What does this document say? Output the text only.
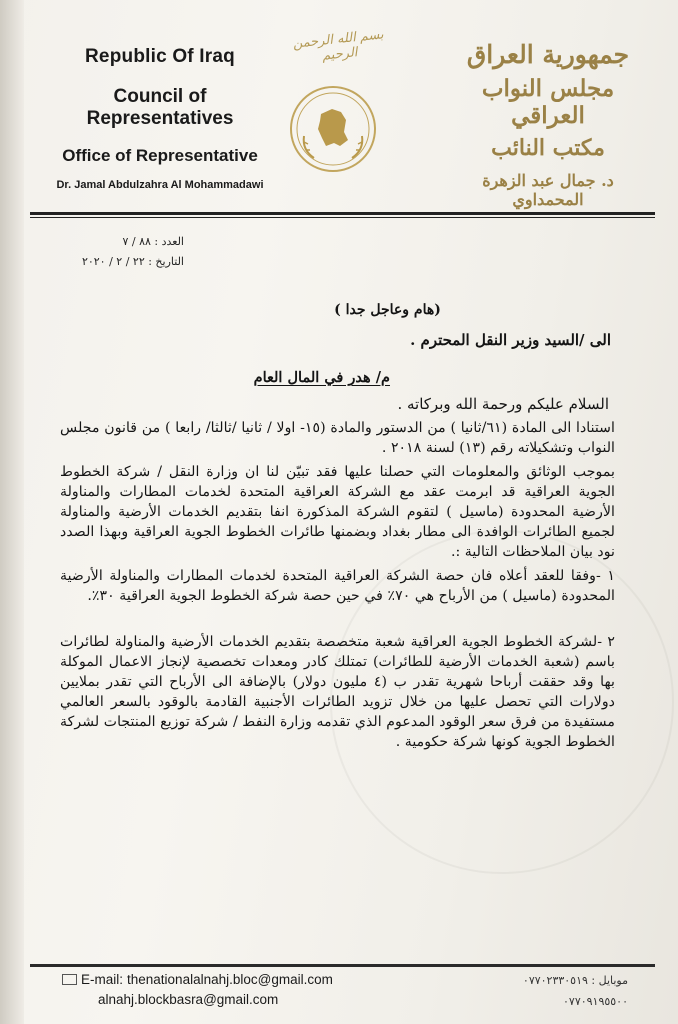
Republic Of Iraq
Council of Representatives
Office of Representative
Dr. Jamal Abdulzahra Al Mohammadawi
بسم الله الرحمن الرحيم	جمهورية العراق
مجلس النواب العراقي
مكتب النائب
د. جمال عبد الزهرة المحمداوي
العدد : ٨٨ / ٧
التاريخ : ٢٢ / ٢ / ٢٠٢٠
(هام وعاجل جدا )
الى /السيد وزير النقل المحترم .
م/ هدر في المال العام
السلام عليكم ورحمة الله وبركاته .
استنادا الى المادة (٦١/ثانيا ) من الدستور والمادة (١٥- اولا / ثانيا /ثالثا/ رابعا ) من قانون مجلس النواب وتشكيلاته رقم (١٣) لسنة ٢٠١٨ .
بموجب الوثائق والمعلومات التي حصلنا عليها فقد تبيّن لنا ان وزارة النقل / شركة الخطوط الجوية العراقية قد ابرمت عقد مع الشركة العراقية المتحدة لخدمات المطارات والمناولة الأرضية المحدودة (ماسيل ) لتقوم الشركة المذكورة انفا بتقديم الخدمات الأرضية والمناولة لجميع الطائرات الوافدة الى مطار بغداد وبضمنها طائرات الخطوط الجوية العراقية وبهذا الصدد نود بيان الملاحظات التالية :.
١ -وفقا للعقد أعلاه فان حصة الشركة العراقية المتحدة لخدمات المطارات والمناولة الأرضية المحدودة (ماسيل ) من الأرباح هي ٧٠٪ في حين حصة شركة الخطوط الجوية العراقية ٣٠٪.
٢ -لشركة الخطوط الجوية العراقية شعبة متخصصة بتقديم الخدمات الأرضية والمناولة لطائرات باسم (شعبة الخدمات الأرضية للطائرات) تمتلك كادر ومعدات تخصصية لإنجاز الاعمال الموكلة بها وقد حققت أرباحا شهرية تقدر ب (٤ مليون دولار) بالإضافة الى الأرباح التي تقدر بملايين دولارات التي تحصل عليها من خلال تزويد الطائرات الأجنبية القادمة بالوقود بالسعر العالمي مستفيدة من فرق سعر الوقود المدعوم الذي تقدمه وزارة النفط / شركة توزيع المنتجات لشركة الخطوط الجوية كونها شركة حكومية .
E-mail: thenationalalnahj.bloc@gmail.com
alnahj.blockbasra@gmail.com
موبايل : ٠٧٧٠٢٣٣٠٥١٩
٠٧٧٠٩١٩٥٥٠٠
